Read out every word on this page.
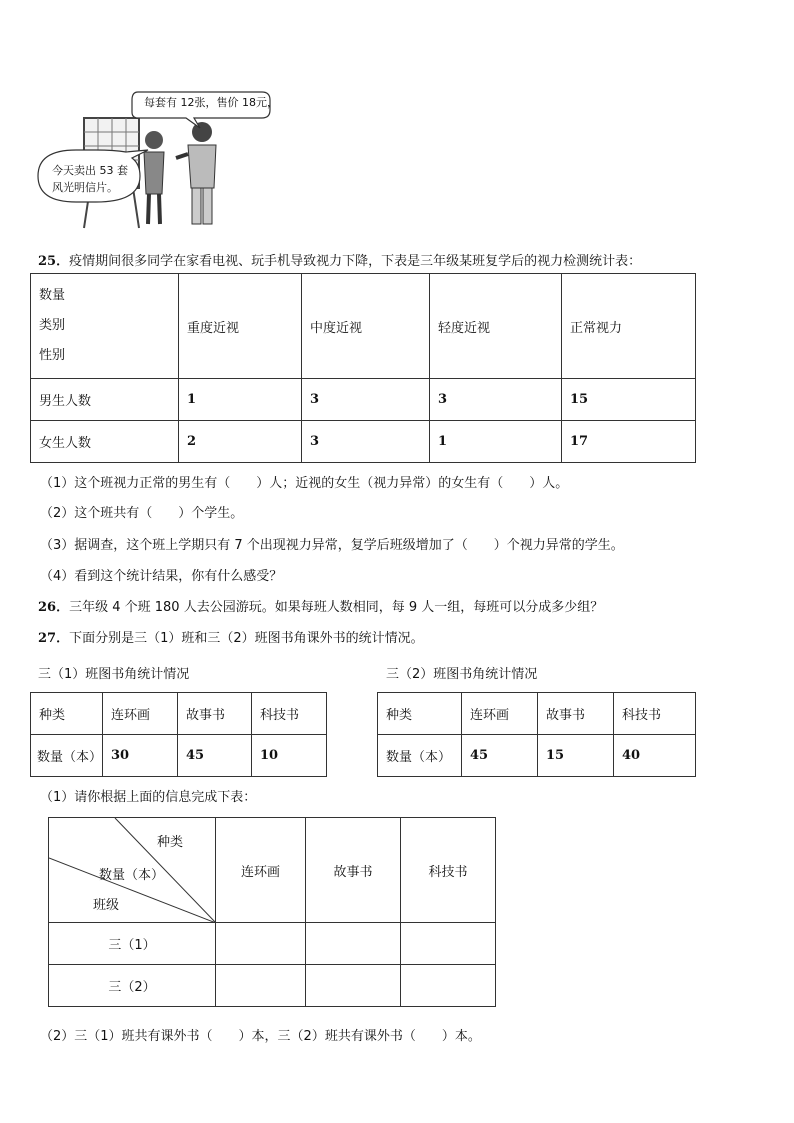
每套有 12张，售价 18元，
今天卖出 53 套
风光明信片。
25．疫情期间很多同学在家看电视、玩手机导致视力下降，下表是三年级某班复学后的视力检测统计表：
数量
类别
性别	重度近视	中度近视	轻度近视	正常视力
男生人数	1	3	3	15
女生人数	2	3	1	17
（1）这个班视力正常的男生有（　　）人；近视的女生（视力异常）的女生有（　　）人。
（2）这个班共有（　　）个学生。
（3）据调查，这个班上学期只有 7 个出现视力异常，复学后班级增加了（　　）个视力异常的学生。
（4）看到这个统计结果，你有什么感受？
26．三年级 4 个班 180 人去公园游玩。如果每班人数相同，每 9 人一组，每班可以分成多少组？
27．下面分别是三（1）班和三（2）班图书角课外书的统计情况。
三（1）班图书角统计情况	三（2）班图书角统计情况
种类	连环画	故事书	科技书
数量（本）	30	45	10
种类	连环画	故事书	科技书
数量（本）	45	15	40
（1）请你根据上面的信息完成下表：
种类
数量（本）
班级	连环画	故事书	科技书
三（1）			
三（2）			
（2）三（1）班共有课外书（　　）本，三（2）班共有课外书（　　）本。
